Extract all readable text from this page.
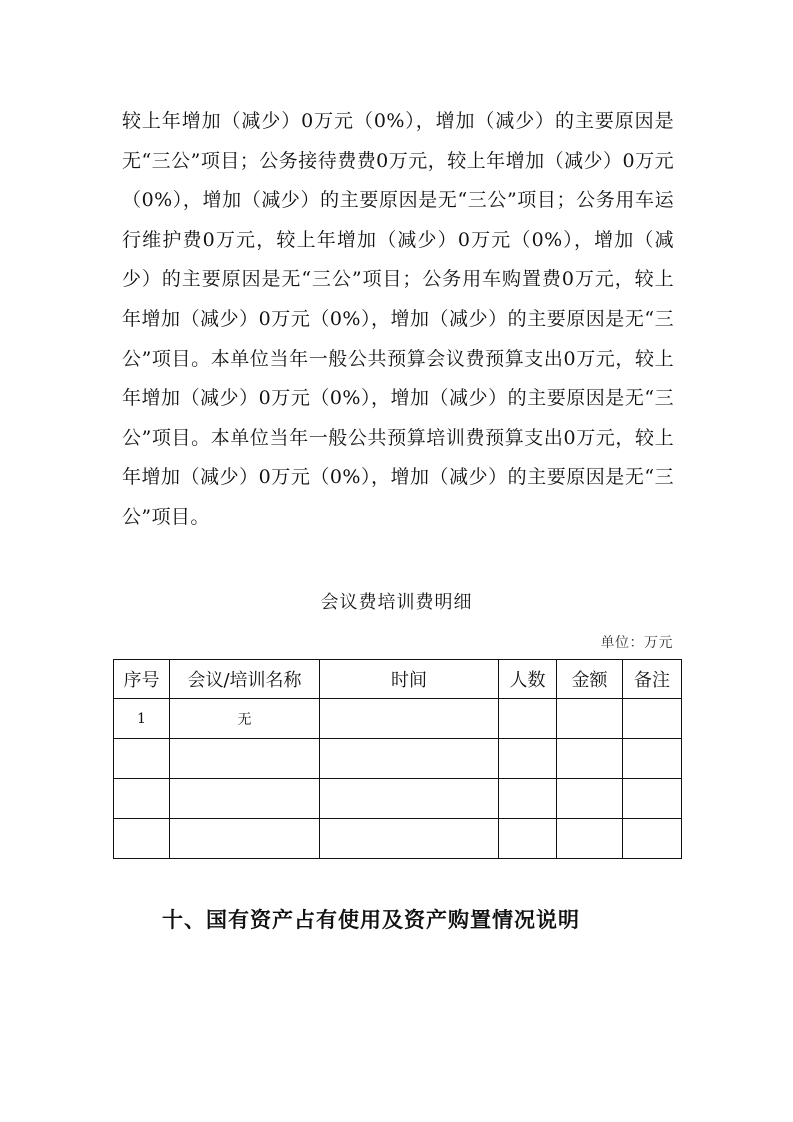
较上年增加（减少）0万元（0%），增加（减少）的主要原因是无“三公”项目；公务接待费费0万元，较上年增加（减少）0万元（0%），增加（减少）的主要原因是无“三公”项目；公务用车运行维护费0万元，较上年增加（减少）0万元（0%），增加（减少）的主要原因是无“三公”项目；公务用车购置费0万元，较上年增加（减少）0万元（0%），增加（减少）的主要原因是无“三公”项目。本单位当年一般公共预算会议费预算支出0万元，较上年增加（减少）0万元（0%），增加（减少）的主要原因是无“三公”项目。本单位当年一般公共预算培训费预算支出0万元，较上年增加（减少）0万元（0%），增加（减少）的主要原因是无“三公”项目。

会议费培训费明细
单位：万元
序号	会议/培训名称	时间	人数	金额	备注
1	无				

十、国有资产占有使用及资产购置情况说明
